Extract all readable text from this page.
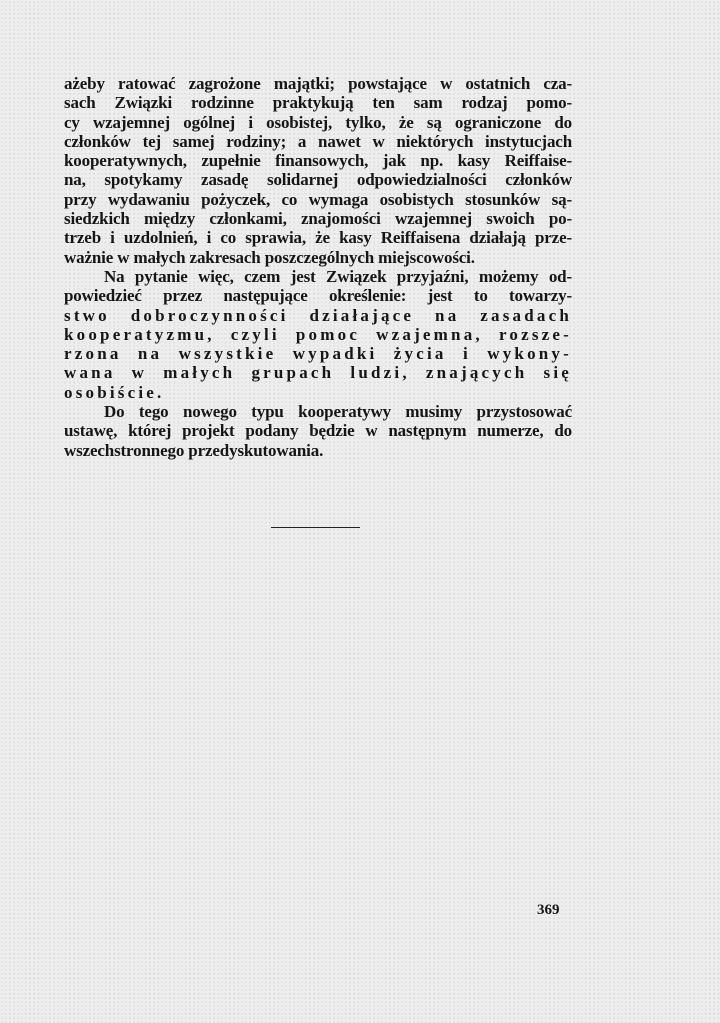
ażeby ratować zagrożone majątki; powstające w ostatnich cza-
sach Związki rodzinne praktykują ten sam rodzaj pomo-
cy wzajemnej ogólnej i osobistej, tylko, że są ograniczone do
członków tej samej rodziny; a nawet w niektórych instytucjach
kooperatywnych, zupełnie finansowych, jak np. kasy Reiffaise-
na, spotykamy zasadę solidarnej odpowiedzialności członków
przy wydawaniu pożyczek, co wymaga osobistych stosunków są-
siedzkich między członkami, znajomości wzajemnej swoich po-
trzeb i uzdolnień, i co sprawia, że kasy Reiffaisena działają prze-
ważnie w małych zakresach poszczególnych miejscowości.
Na pytanie więc, czem jest Związek przyjaźni, możemy od-
powiedzieć przez następujące określenie: jest to towarzy-
stwo dobroczynności działające na zasadach
kooperatyzmu, czyli pomoc wzajemna, rozsze-
rzona na wszystkie wypadki życia i wykony-
wana w małych grupach ludzi, znających się
osobiście.
Do tego nowego typu kooperatywy musimy przystosować
ustawę, której projekt podany będzie w następnym numerze, do
wszechstronnego przedyskutowania.
369
